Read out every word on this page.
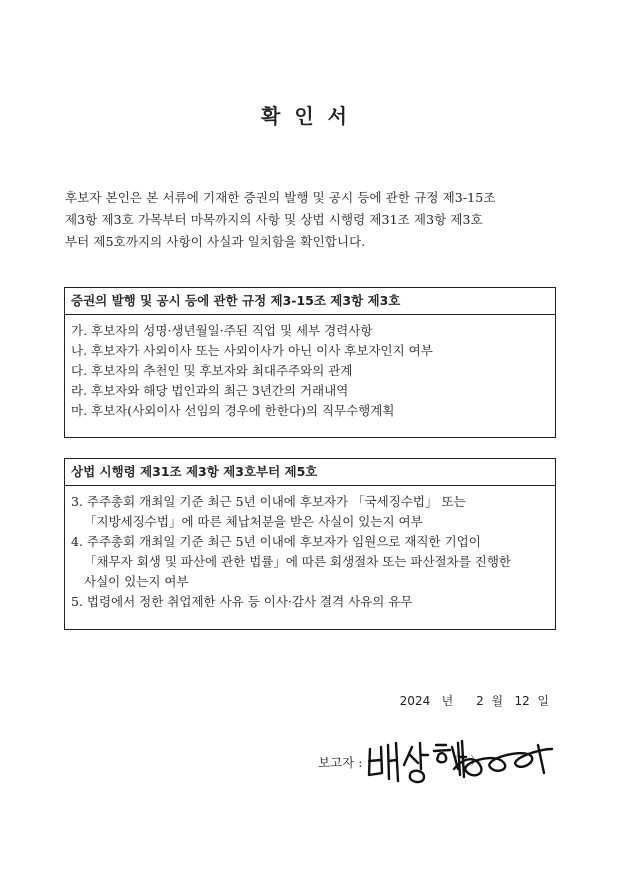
확인서
후보자 본인은 본 서류에 기재한 증권의 발행 및 공시 등에 관한 규정 제3-15조
제3항 제3호 가목부터 마목까지의 사항 및 상법 시행령 제31조 제3항 제3호
부터 제5호까지의 사항이 사실과 일치함을 확인합니다.
증권의 발행 및 공시 등에 관한 규정 제3-15조 제3항 제3호
가. 후보자의 성명·생년월일·주된 직업 및 세부 경력사항
나. 후보자가 사외이사 또는 사외이사가 아닌 이사 후보자인지 여부
다. 후보자의 추천인 및 후보자와 최대주주와의 관계
라. 후보자와 해당 법인과의 최근 3년간의 거래내역
마. 후보자(사외이사 선임의 경우에 한한다)의 직무수행계획
상법 시행령 제31조 제3항 제3호부터 제5호
3. 주주총회 개최일 기준 최근 5년 이내에 후보자가 「국세징수법」 또는
「지방세징수법」에 따른 체납처분을 받은 사실이 있는지 여부
4. 주주총회 개최일 기준 최근 5년 이내에 후보자가 임원으로 재직한 기업이
「채무자 회생 및 파산에 관한 법률」에 따른 회생절차 또는 파산절차를 진행한
사실이 있는지 여부
5. 법령에서 정한 취업제한 사유 등 이사·감사 결격 사유의 유무
2024 년 2 월 12 일
보고자 :	(1 )
